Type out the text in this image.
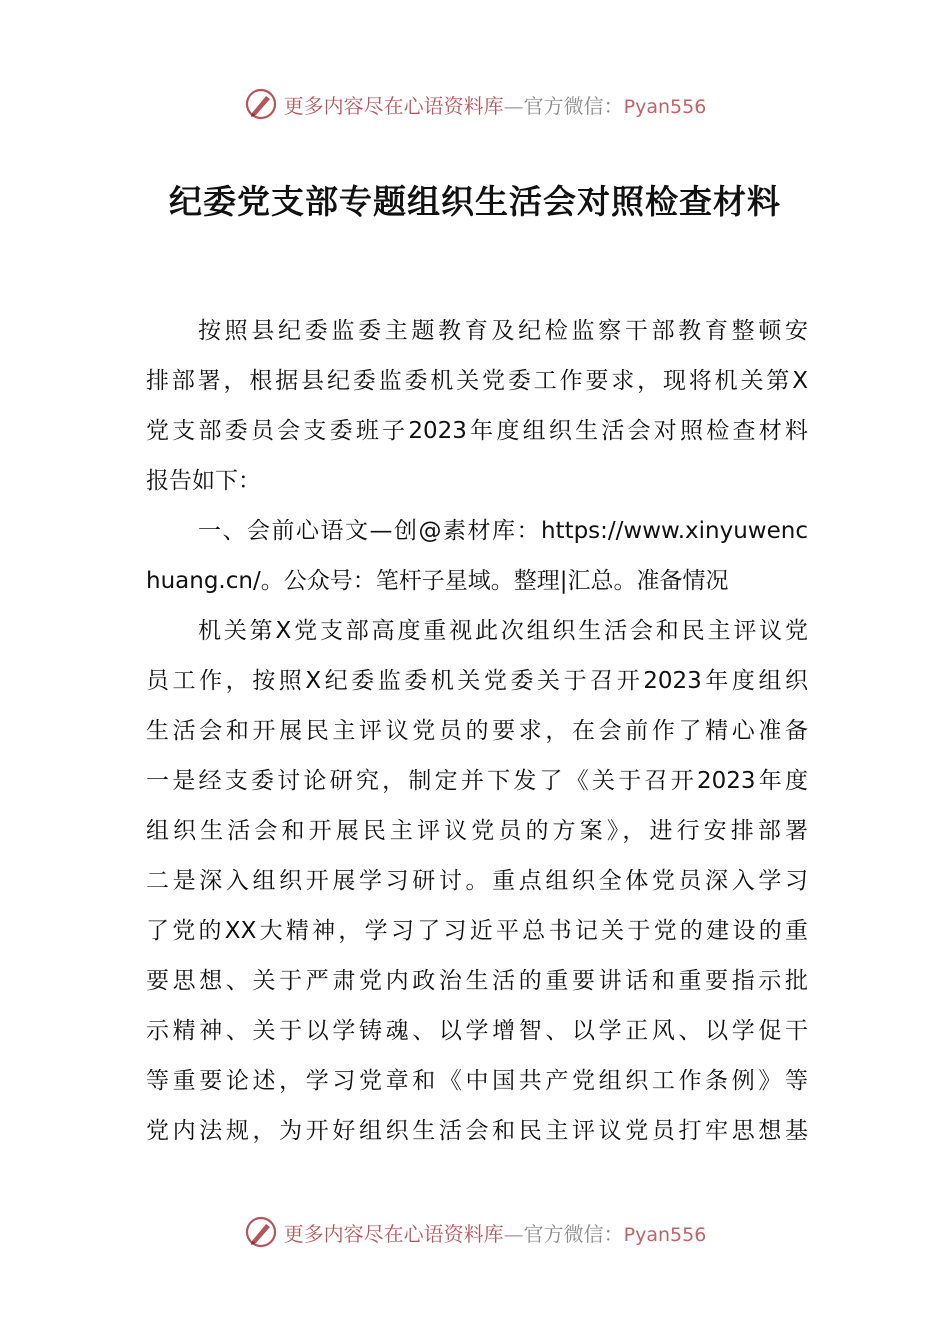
更多内容尽在心语资料库—官方微信：Pyan556
纪委党支部专题组织生活会对照检查材料
按照县纪委监委主题教育及纪检监察干部教育整顿安
排部署，根据县纪委监委机关党委工作要求，现将机关第X
党支部委员会支委班子2023年度组织生活会对照检查材料
报告如下：
一、会前心语文—创@素材库：https://www.xinyuwenc
huang.cn/。公众号：笔杆子星域。整理|汇总。准备情况
机关第X党支部高度重视此次组织生活会和民主评议党
员工作，按照X纪委监委机关党委关于召开2023年度组织
生活会和开展民主评议党员的要求，在会前作了精心准备
一是经支委讨论研究，制定并下发了《关于召开2023年度
组织生活会和开展民主评议党员的方案》，进行安排部署
二是深入组织开展学习研讨。重点组织全体党员深入学习
了党的XX大精神，学习了习近平总书记关于党的建设的重
要思想、关于严肃党内政治生活的重要讲话和重要指示批
示精神、关于以学铸魂、以学增智、以学正风、以学促干
等重要论述，学习党章和《中国共产党组织工作条例》等
党内法规，为开好组织生活会和民主评议党员打牢思想基
更多内容尽在心语资料库—官方微信：Pyan556
